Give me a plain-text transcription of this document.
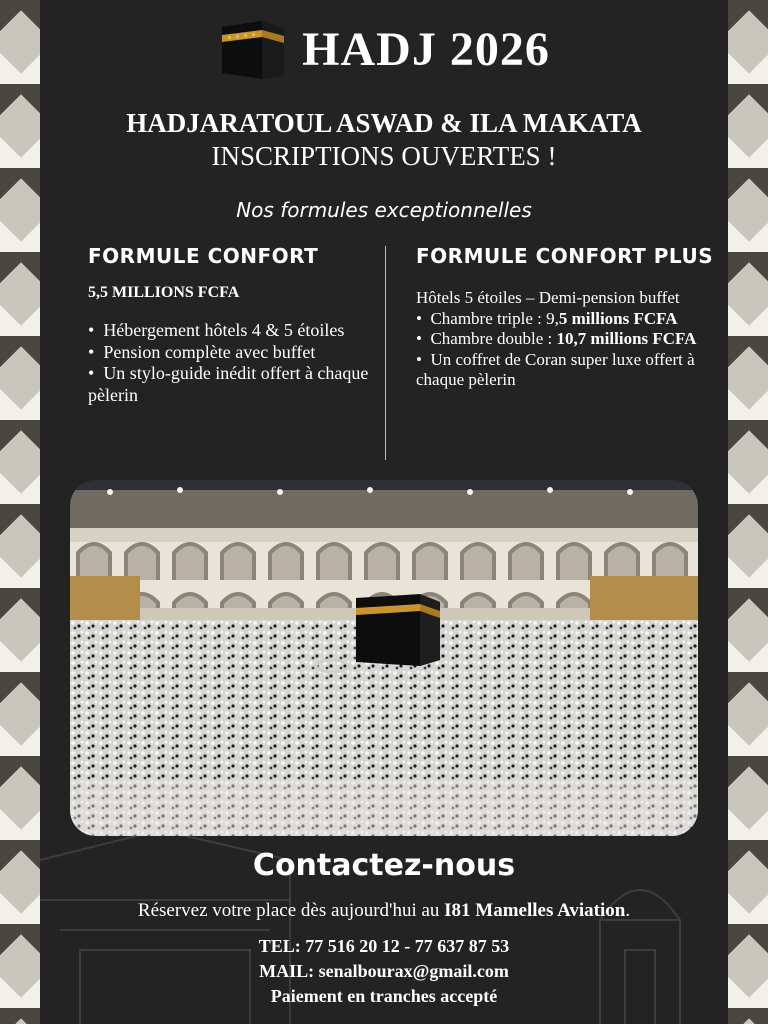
HADJ 2026
HADJARATOUL ASWAD & ILA MAKATA
INSCRIPTIONS OUVERTES !
Nos formules exceptionnelles
FORMULE CONFORT
5,5 MILLIONS FCFA
•  Hébergement hôtels 4 & 5 étoiles
•  Pension complète avec buffet
•  Un stylo-guide inédit offert à chaque pèlerin
FORMULE CONFORT PLUS
Hôtels 5 étoiles – Demi-pension buffet
•  Chambre triple : 9,5 millions FCFA
•  Chambre double : 10,7 millions FCFA
•  Un coffret de Coran super luxe offert à chaque pèlerin
Contactez-nous
Réservez votre place dès aujourd'hui au I81 Mamelles Aviation.
TEL: 77 516 20 12 - 77 637 87 53
MAIL: senalbourax@gmail.com
Paiement en tranches accepté
